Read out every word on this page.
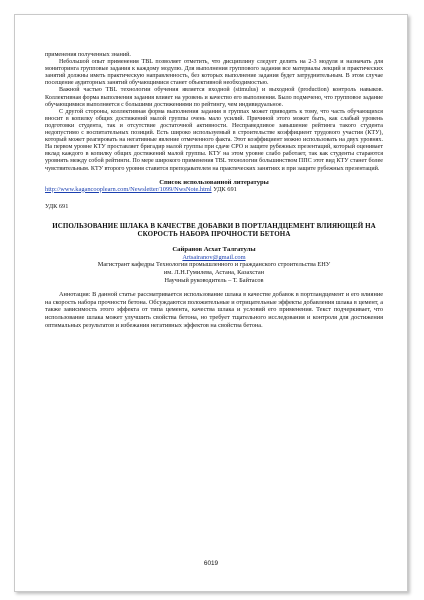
применения полученных знаний.

Небольшой опыт применения TBL позволяет отметить, что дисциплину следует делить на 2-3 модуля и назначать для мониторинга групповые задания к каждому модулю. Для выполнения группового задания все материалы лекций и практических занятий должны иметь практическую направленность, без которых выполнение задания будет затруднительным. В этом случае посещение аудиторных занятий обучающимися станет объективной необходимостью.

Важной частью TBL технологии обучения является входной (stimulus) и выходной (production) контроль навыков. Коллективная форма выполнения задания влияет на уровень и качество его выполнения. Было подмечено, что групповое задание обучающимися выполняется с большими достижениями по рейтингу, чем индивидуальное.

С другой стороны, коллективная форма выполнения задания в группах может приводить к тому, что часть обучающихся вносит в копилку общих достижений малой группы очень мало усилий. Причиной этого может быть, как слабый уровень подготовки студента, так и отсутствие достаточной активности. Несправедливое завышение рейтинга такого студента недопустимо с воспитательных позиций. Есть широко используемый в строительстве коэффициент трудового участия (КТУ), который может реагировать на негативные явление отмеченного факта. Этот коэффициент можно использовать на двух уровнях. На первом уровне КТУ проставляет бригадир малой группы при сдаче СРО и защите рубежных презентаций, который оценивает вклад каждого в копилку общих достижений малой группы. КТУ на этом уровне слабо работает, так как студенты стараются уровнять между собой рейтинги. По мере широкого применения TBL технологии большинством ППС этот вид КТУ станет более чувствительным. КТУ второго уровня ставится преподавателем на практических занятиях и при защите рубежных презентаций.

Список использованной литературы

http://www.kagancooplearn.com/Newsletter/1099/NwsNote.html УДК 691

УДК 691

ИСПОЛЬЗОВАНИЕ ШЛАКА В КАЧЕСТВЕ ДОБАВКИ В ПОРТЛАНДЦЕМЕНТ ВЛИЯЮЩЕЙ НА СКОРОСТЬ НАБОРА ПРОЧНОСТИ БЕТОНА

Сайранов Асхат Талгатулы

Artsairanov@gmail.com

Магистрант кафедры Технологии промышленного и гражданского строительства ЕНУ

им. Л.Н.Гумилева, Астана, Казахстан

Научный руководитель – Т. Байтасов

Аннотация: В данной статье рассматривается использование шлака в качестве добавок в портландцемент и его влияние на скорость набора прочности бетона. Обсуждаются положительные и отрицательные эффекты добавления шлака в цемент, а также зависимость этого эффекта от типа цемента, качества шлака и условий его применения. Текст подчеркивает, что использование шлака может улучшить свойства бетона, но требует тщательного исследования и контроля для достижения оптимальных результатов и избежания негативных эффектов на свойства бетона.

6019
